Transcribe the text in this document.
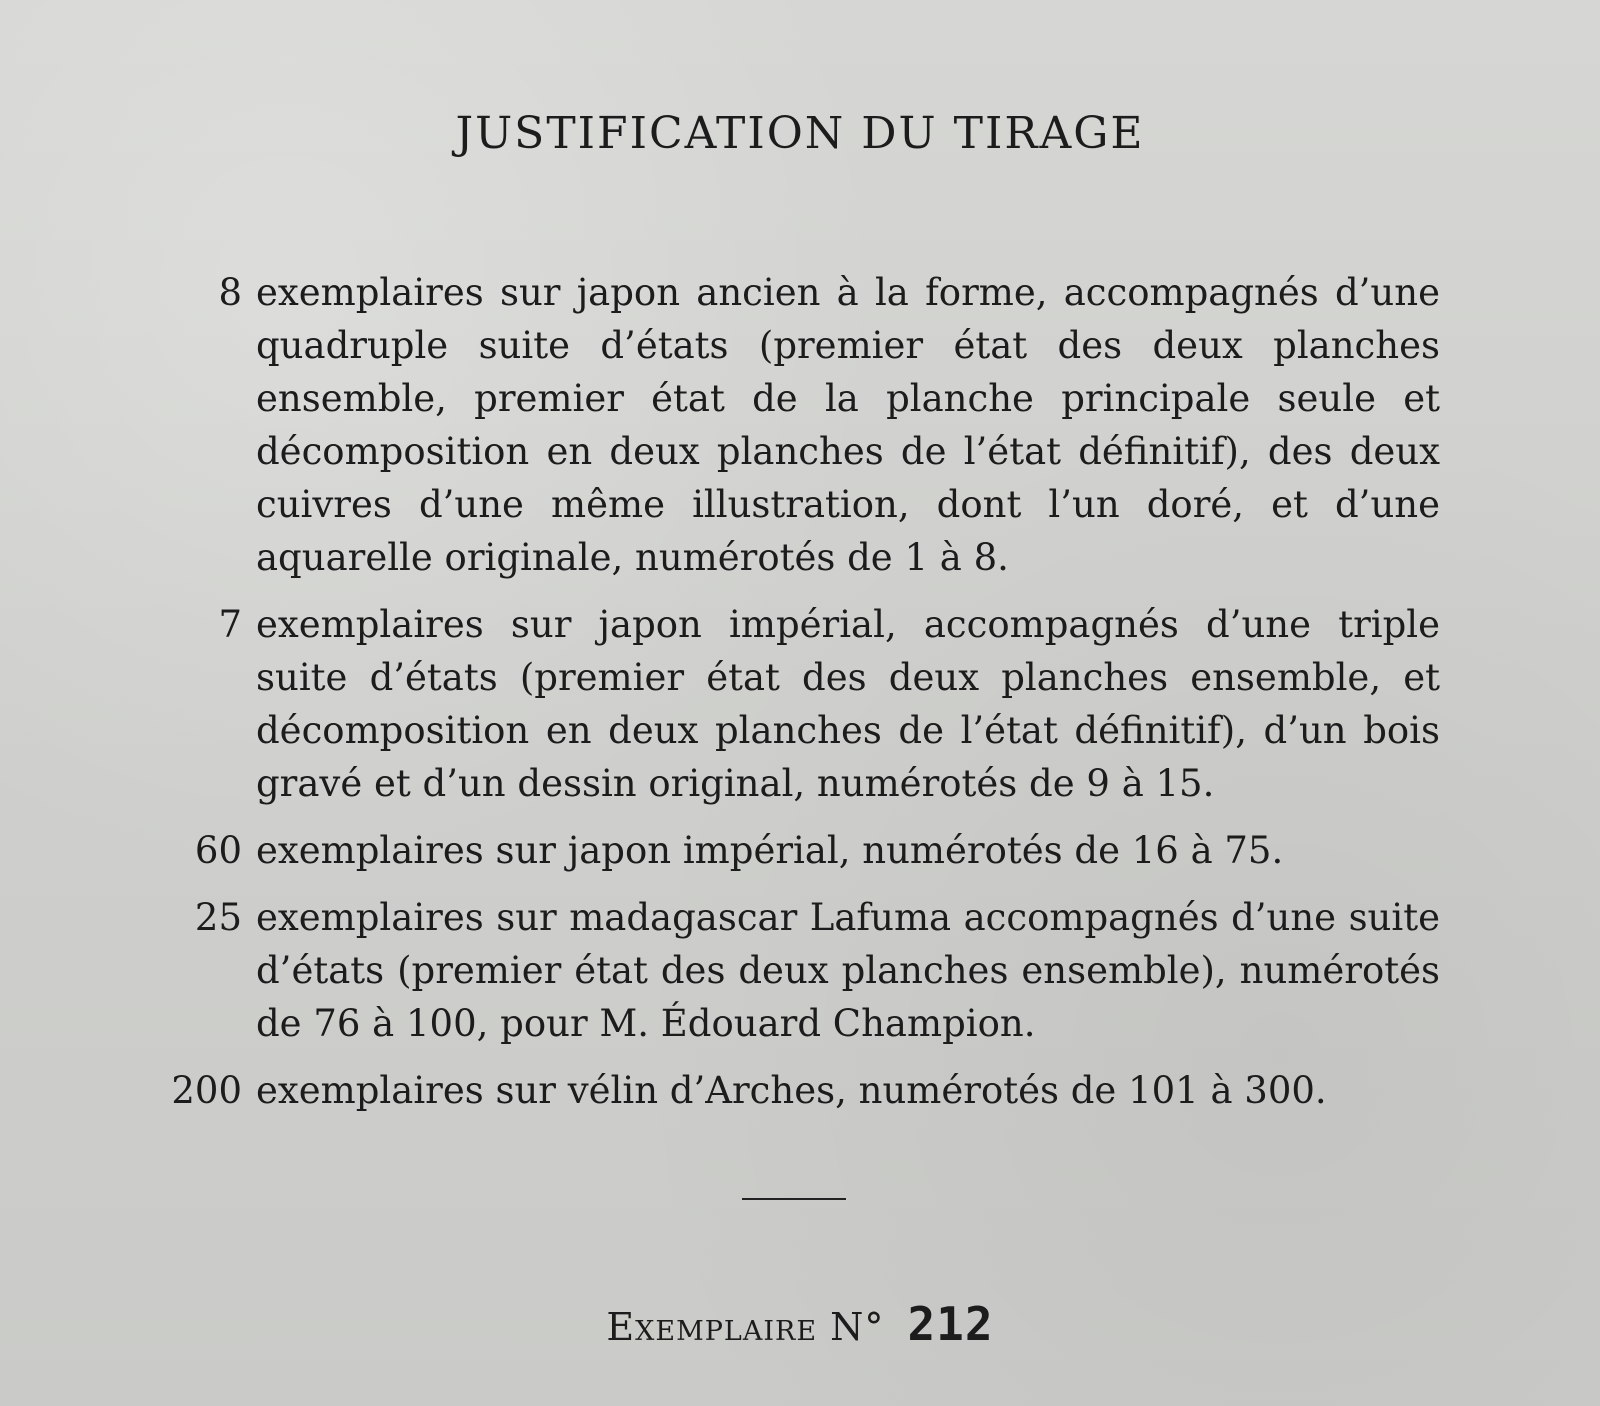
JUSTIFICATION DU TIRAGE
8 exemplaires sur japon ancien à la forme, accompagnés d’une quadruple suite d’états (premier état des deux planches ensemble, premier état de la planche principale seule et décomposition en deux planches de l’état définitif), des deux cuivres d’une même illustration, dont l’un doré, et d’une aquarelle originale, numérotés de 1 à 8.
7 exemplaires sur japon impérial, accompagnés d’une triple suite d’états (premier état des deux planches ensemble, et décomposition en deux planches de l’état définitif), d’un bois gravé et d’un dessin original, numérotés de 9 à 15.
60 exemplaires sur japon impérial, numérotés de 16 à 75.
25 exemplaires sur madagascar Lafuma accompagnés d’une suite d’états (premier état des deux planches ensemble), numérotés de 76 à 100, pour M. Édouard Champion.
200 exemplaires sur vélin d’Arches, numérotés de 101 à 300.
Exemplaire N° 212
